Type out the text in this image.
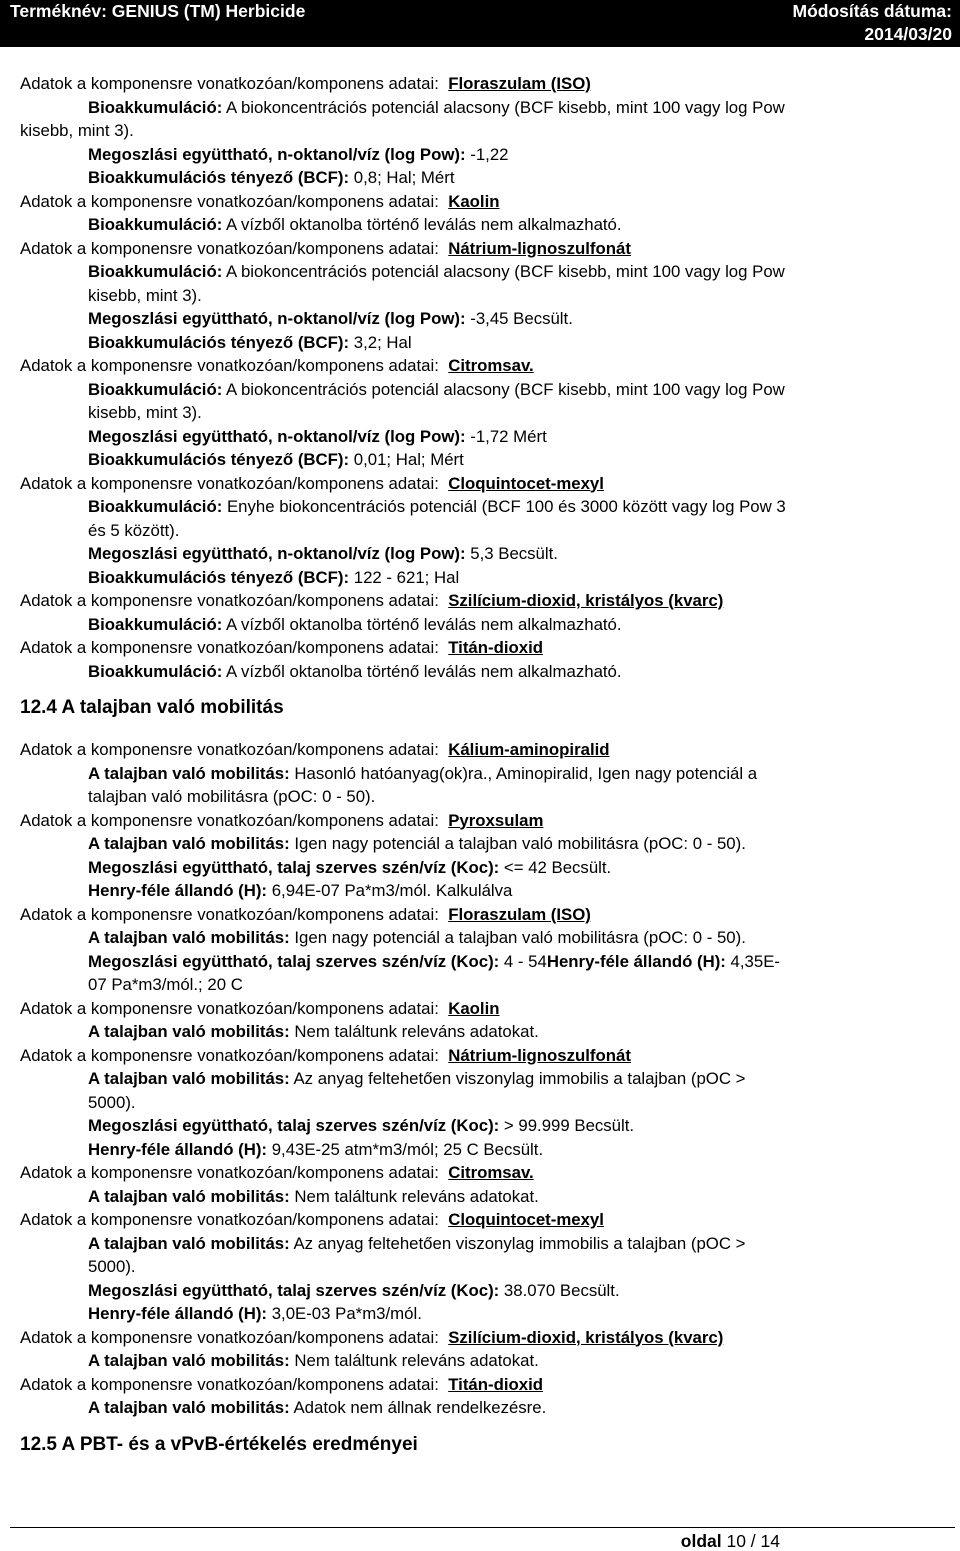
Terméknév: GENIUS (TM) Herbicide	Módosítás dátuma:
2014/03/20
Adatok a komponensre vonatkozóan/komponens adatai: Floraszulam (ISO)
Bioakkumuláció: A biokoncentrációs potenciál alacsony (BCF kisebb, mint 100 vagy log Pow
kisebb, mint 3).
Megoszlási együttható, n-oktanol/víz (log Pow): -1,22
Bioakkumulációs tényező (BCF): 0,8; Hal; Mért
Adatok a komponensre vonatkozóan/komponens adatai: Kaolin
Bioakkumuláció: A vízből oktanolba történő leválás nem alkalmazható.
Adatok a komponensre vonatkozóan/komponens adatai: Nátrium-lignoszulfonát
Bioakkumuláció: A biokoncentrációs potenciál alacsony (BCF kisebb, mint 100 vagy log Pow
kisebb, mint 3).
Megoszlási együttható, n-oktanol/víz (log Pow): -3,45 Becsült.
Bioakkumulációs tényező (BCF): 3,2; Hal
Adatok a komponensre vonatkozóan/komponens adatai: Citromsav.
Bioakkumuláció: A biokoncentrációs potenciál alacsony (BCF kisebb, mint 100 vagy log Pow
kisebb, mint 3).
Megoszlási együttható, n-oktanol/víz (log Pow): -1,72 Mért
Bioakkumulációs tényező (BCF): 0,01; Hal; Mért
Adatok a komponensre vonatkozóan/komponens adatai: Cloquintocet-mexyl
Bioakkumuláció: Enyhe biokoncentrációs potenciál (BCF 100 és 3000 között vagy log Pow 3
és 5 között).
Megoszlási együttható, n-oktanol/víz (log Pow): 5,3 Becsült.
Bioakkumulációs tényező (BCF): 122 - 621; Hal
Adatok a komponensre vonatkozóan/komponens adatai: Szilícium-dioxid, kristályos (kvarc)
Bioakkumuláció: A vízből oktanolba történő leválás nem alkalmazható.
Adatok a komponensre vonatkozóan/komponens adatai: Titán-dioxid
Bioakkumuláció: A vízből oktanolba történő leválás nem alkalmazható.
12.4 A talajban való mobilitás
Adatok a komponensre vonatkozóan/komponens adatai: Kálium-aminopiralid
A talajban való mobilitás: Hasonló hatóanyag(ok)ra., Aminopiralid, Igen nagy potenciál a
talajban való mobilitásra (pOC: 0 - 50).
Adatok a komponensre vonatkozóan/komponens adatai: Pyroxsulam
A talajban való mobilitás: Igen nagy potenciál a talajban való mobilitásra (pOC: 0 - 50).
Megoszlási együttható, talaj szerves szén/víz (Koc): <= 42 Becsült.
Henry-féle állandó (H): 6,94E-07 Pa*m3/mól. Kalkulálva
Adatok a komponensre vonatkozóan/komponens adatai: Floraszulam (ISO)
A talajban való mobilitás: Igen nagy potenciál a talajban való mobilitásra (pOC: 0 - 50).
Megoszlási együttható, talaj szerves szén/víz (Koc): 4 - 54Henry-féle állandó (H): 4,35E-
07 Pa*m3/mól.; 20 C
Adatok a komponensre vonatkozóan/komponens adatai: Kaolin
A talajban való mobilitás: Nem találtunk releváns adatokat.
Adatok a komponensre vonatkozóan/komponens adatai: Nátrium-lignoszulfonát
A talajban való mobilitás: Az anyag feltehetően viszonylag immobilis a talajban (pOC >
5000).
Megoszlási együttható, talaj szerves szén/víz (Koc): > 99.999 Becsült.
Henry-féle állandó (H): 9,43E-25 atm*m3/mól; 25 C Becsült.
Adatok a komponensre vonatkozóan/komponens adatai: Citromsav.
A talajban való mobilitás: Nem találtunk releváns adatokat.
Adatok a komponensre vonatkozóan/komponens adatai: Cloquintocet-mexyl
A talajban való mobilitás: Az anyag feltehetően viszonylag immobilis a talajban (pOC >
5000).
Megoszlási együttható, talaj szerves szén/víz (Koc): 38.070 Becsült.
Henry-féle állandó (H): 3,0E-03 Pa*m3/mól.
Adatok a komponensre vonatkozóan/komponens adatai: Szilícium-dioxid, kristályos (kvarc)
A talajban való mobilitás: Nem találtunk releváns adatokat.
Adatok a komponensre vonatkozóan/komponens adatai: Titán-dioxid
A talajban való mobilitás: Adatok nem állnak rendelkezésre.
12.5 A PBT- és a vPvB-értékelés eredményei
oldal 10 / 14
